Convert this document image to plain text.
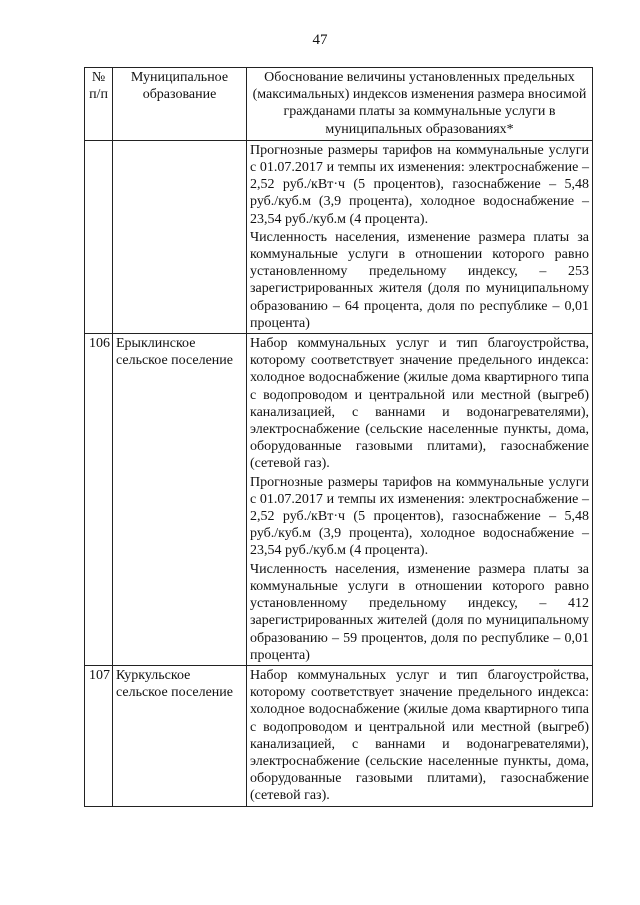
47
№ п/п	Муниципальное образование	Обоснование величины установленных предельных (максимальных) индексов изменения размера вносимой гражданами платы за коммунальные услуги в муниципальных образованиях*

		Прогнозные размеры тарифов на коммунальные услуги с 01.07.2017 и темпы их изменения: электроснабжение – 2,52 руб./кВт·ч (5 процентов), газоснабжение – 5,48 руб./куб.м (3,9 процента), холодное водоснабжение – 23,54 руб./куб.м (4 процента).

Численность населения, изменение размера платы за коммунальные услуги в отношении которого равно установленному предельному индексу, – 253 зарегистрированных жителя (доля по муниципальному образованию – 64 процента, доля по республике – 0,01 процента)

106	Ерыклинское сельское поселение	Набор коммунальных услуг и тип благоустройства, которому соответствует значение предельного индекса: холодное водоснабжение (жилые дома квартирного типа с водопроводом и центральной или местной (выгреб) канализацией, с ваннами и водонагревателями), электроснабжение (сельские населенные пункты, дома, оборудованные газовыми плитами), газоснабжение (сетевой газ).

Прогнозные размеры тарифов на коммунальные услуги с 01.07.2017 и темпы их изменения: электроснабжение – 2,52 руб./кВт·ч (5 процентов), газоснабжение – 5,48 руб./куб.м (3,9 процента), холодное водоснабжение – 23,54 руб./куб.м (4 процента).

Численность населения, изменение размера платы за коммунальные услуги в отношении которого равно установленному предельному индексу, – 412 зарегистрированных жителей (доля по муниципальному образованию – 59 процентов, доля по республике – 0,01 процента)

107	Куркульское сельское поселение	Набор коммунальных услуг и тип благоустройства, которому соответствует значение предельного индекса: холодное водоснабжение (жилые дома квартирного типа с водопроводом и центральной или местной (выгреб) канализацией, с ваннами и водонагревателями), электроснабжение (сельские населенные пункты, дома, оборудованные газовыми плитами), газоснабжение (сетевой газ).
